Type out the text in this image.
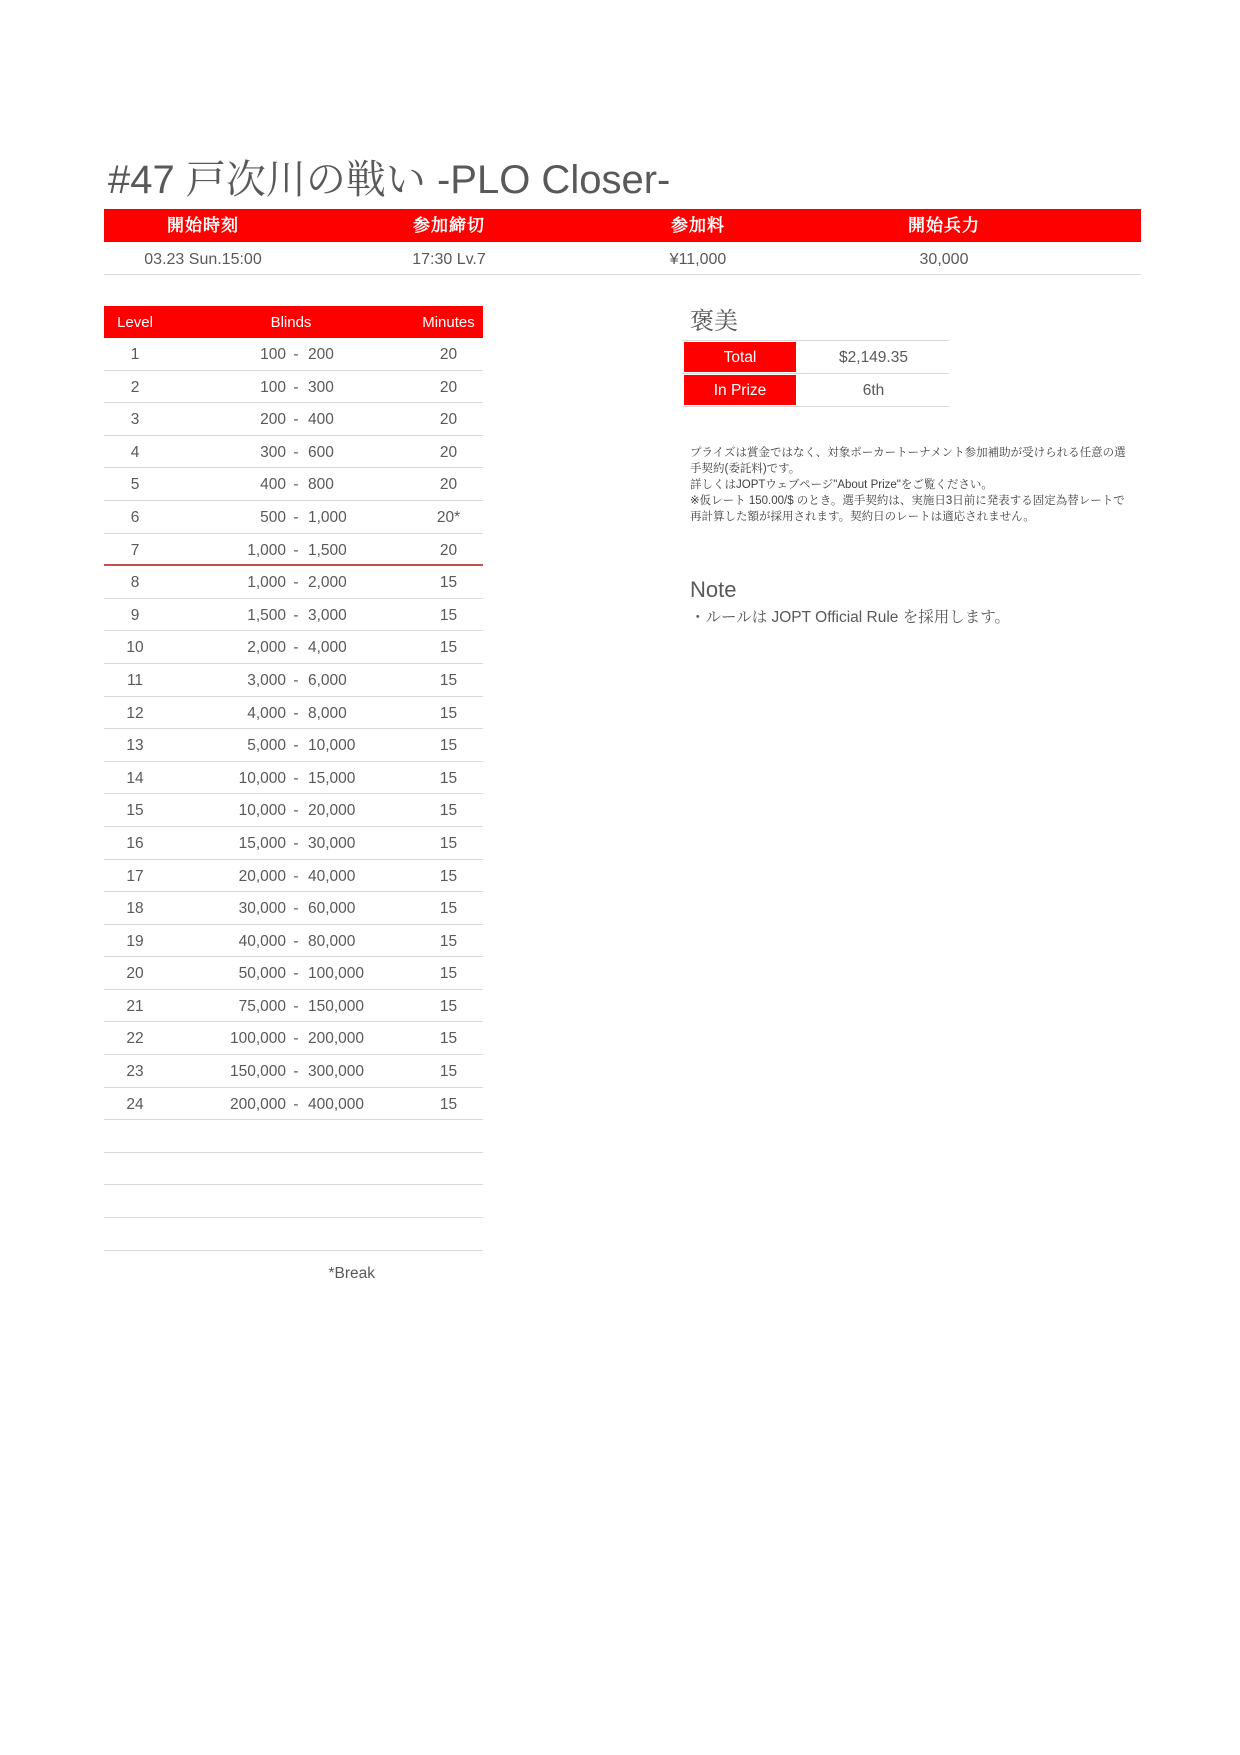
#47 戸次川の戦い -PLO Closer-
開始時刻	参加締切	参加料	開始兵力
03.23 Sun.15:00	17:30 Lv.7	¥11,000	30,000
Level	Blinds	Minutes
1	100 - 200	20
2	100 - 300	20
3	200 - 400	20
4	300 - 600	20
5	400 - 800	20
6	500 - 1,000	20*
7	1,000 - 1,500	20
8	1,000 - 2,000	15
9	1,500 - 3,000	15
10	2,000 - 4,000	15
11	3,000 - 6,000	15
12	4,000 - 8,000	15
13	5,000 - 10,000	15
14	10,000 - 15,000	15
15	10,000 - 20,000	15
16	15,000 - 30,000	15
17	20,000 - 40,000	15
18	30,000 - 60,000	15
19	40,000 - 80,000	15
20	50,000 - 100,000	15
21	75,000 - 150,000	15
22	100,000 - 200,000	15
23	150,000 - 300,000	15
24	200,000 - 400,000	15
*Break
褒美
Total	$2,149.35
In Prize	6th
プライズは賞金ではなく、対象ポーカートーナメント参加補助が受けられる任意の選
手契約(委託料)です。
詳しくはJOPTウェブページ"About Prize"をご覧ください。
※仮レート 150.00/$ のとき。選手契約は、実施日3日前に発表する固定為替レートで
再計算した額が採用されます。契約日のレートは適応されません。
Note
・ルールは JOPT Official Rule を採用します。
